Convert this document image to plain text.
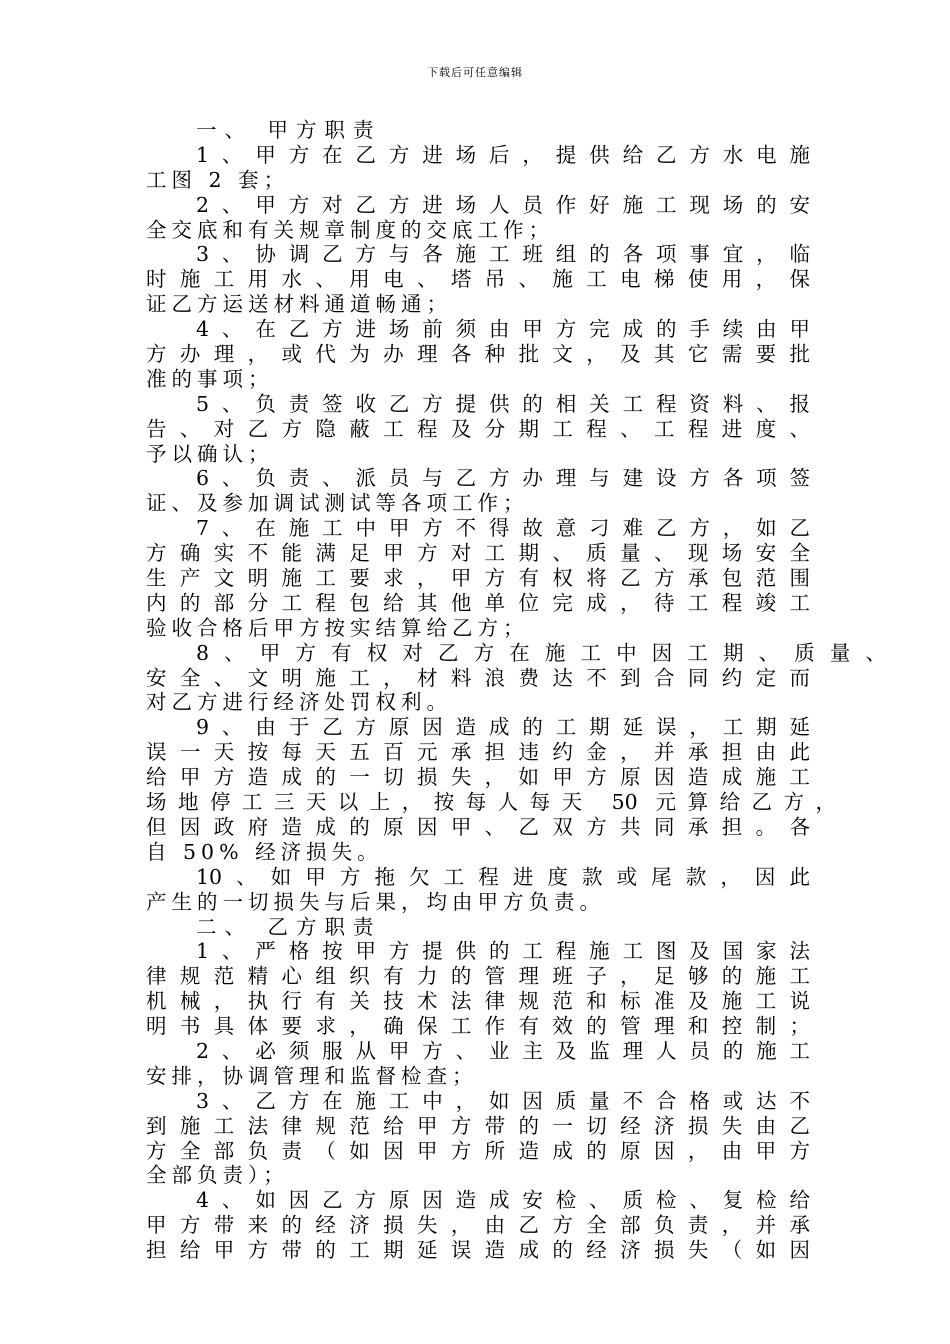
下载后可任意编辑
一、 甲方职责
1、甲方在乙方进场后，提供给乙方水电施
工图 2 套；
2、甲方对乙方进场人员作好施工现场的安
全交底和有关规章制度的交底工作；
3、协调乙方与各施工班组的各项事宜，临
时施工用水、用电、塔吊、施工电梯使用，保
证乙方运送材料通道畅通；
4、在乙方进场前须由甲方完成的手续由甲
方办理，或代为办理各种批文，及其它需要批
准的事项；
5、负责签收乙方提供的相关工程资料、报
告、对乙方隐蔽工程及分期工程、工程进度、
予以确认；
6、负责、派员与乙方办理与建设方各项签
证、及参加调试测试等各项工作；
7、在施工中甲方不得故意刁难乙方，如乙
方确实不能满足甲方对工期、质量、现场安全
生产文明施工要求，甲方有权将乙方承包范围
内的部分工程包给其他单位完成，待工程竣工
验收合格后甲方按实结算给乙方；
8、甲方有权对乙方在施工中因工期、质量、
安全、文明施工，材料浪费达不到合同约定而
对乙方进行经济处罚权利。
9、由于乙方原因造成的工期延误，工期延
误一天按每天五百元承担违约金，并承担由此
给甲方造成的一切损失，如甲方原因造成施工
场地停工三天以上，按每人每天 50 元算给乙方，
但因政府造成的原因甲、乙双方共同承担。各
自 50% 经济损失。
10、如甲方拖欠工程进度款或尾款，因此
产生的一切损失与后果，均由甲方负责。
二、 乙方职责
1、严格按甲方提供的工程施工图及国家法
律规范精心组织有力的管理班子，足够的施工
机械，执行有关技术法律规范和标准及施工说
明书具体要求，确保工作有效的管理和控制；
2、必须服从甲方、业主及监理人员的施工
安排，协调管理和监督检查；
3、乙方在施工中，如因质量不合格或达不
到施工法律规范给甲方带的一切经济损失由乙
方全部负责（如因甲方所造成的原因，由甲方
全部负责）；
4、如因乙方原因造成安检、质检、复检给
甲方带来的经济损失，由乙方全部负责，并承
担给甲方带的工期延误造成的经济损失（如因
